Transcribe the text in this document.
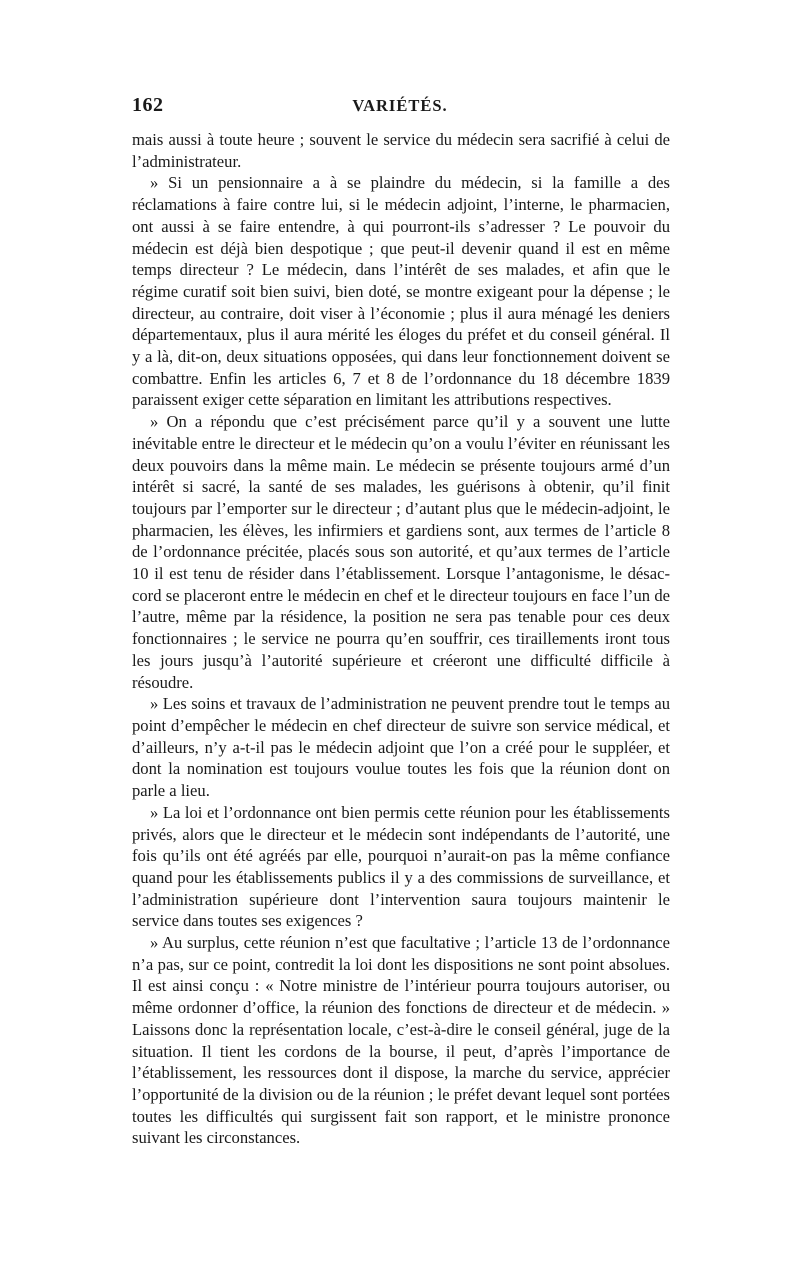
162	VARIÉTÉS.

mais aussi à toute heure ; souvent le service du médecin sera sacrifié à celui de l’administrateur.

» Si un pensionnaire a à se plaindre du médecin, si la famille a des réclamations à faire contre lui, si le médecin adjoint, l’interne, le pharmacien, ont aussi à se faire entendre, à qui pourront-ils s’adresser ? Le pouvoir du médecin est déjà bien despotique ; que peut-il devenir quand il est en même temps directeur ? Le médecin, dans l’intérêt de ses malades, et afin que le régime curatif soit bien suivi, bien doté, se montre exigeant pour la dépense ; le directeur, au contraire, doit viser à l’économie ; plus il aura ménagé les deniers départementaux, plus il aura mérité les éloges du préfet et du conseil général. Il y a là, dit-on, deux situations opposées, qui dans leur fonctionnement doivent se combattre. Enfin les articles 6, 7 et 8 de l’ordonnance du 18 décembre 1839 paraissent exiger cette séparation en limitant les attributions respectives.

» On a répondu que c’est précisément parce qu’il y a souvent une lutte inévitable entre le directeur et le médecin qu’on a voulu l’éviter en réunissant les deux pouvoirs dans la même main. Le médecin se présente toujours armé d’un intérêt si sacré, la santé de ses malades, les guérisons à obtenir, qu’il finit toujours par l’emporter sur le directeur ; d’autant plus que le médecin-adjoint, le pharmacien, les élèves, les infirmiers et gardiens sont, aux termes de l’article 8 de l’ordonnance précitée, placés sous son autorité, et qu’aux termes de l’article 10 il est tenu de résider dans l’établissement. Lorsque l’antagonisme, le désaccord se placeront entre le médecin en chef et le directeur toujours en face l’un de l’autre, même par la résidence, la position ne sera pas tenable pour ces deux fonctionnaires ; le service ne pourra qu’en souffrir, ces tiraillements iront tous les jours jusqu’à l’autorité supérieure et créeront une difficulté difficile à résoudre.

» Les soins et travaux de l’administration ne peuvent prendre tout le temps au point d’empêcher le médecin en chef directeur de suivre son service médical, et d’ailleurs, n’y a-t-il pas le médecin adjoint que l’on a créé pour le suppléer, et dont la nomination est toujours voulue toutes les fois que la réunion dont on parle a lieu.

» La loi et l’ordonnance ont bien permis cette réunion pour les établissements privés, alors que le directeur et le médecin sont indépendants de l’autorité, une fois qu’ils ont été agréés par elle, pourquoi n’aurait-on pas la même confiance quand pour les établissements publics il y a des commissions de surveillance, et l’administration supérieure dont l’intervention saura toujours maintenir le service dans toutes ses exigences ?

» Au surplus, cette réunion n’est que facultative ; l’article 13 de l’ordonnance n’a pas, sur ce point, contredit la loi dont les dispositions ne sont point absolues. Il est ainsi conçu : « Notre ministre de l’intérieur pourra toujours autoriser, ou même ordonner d’office, la réunion des fonctions de directeur et de médecin. » Laissons donc la représentation locale, c’est-à-dire le conseil général, juge de la situation. Il tient les cordons de la bourse, il peut, d’après l’importance de l’établissement, les ressources dont il dispose, la marche du service, apprécier l’opportunité de la division ou de la réunion ; le préfet devant lequel sont portées toutes les difficultés qui surgissent fait son rapport, et le ministre prononce suivant les circonstances.
